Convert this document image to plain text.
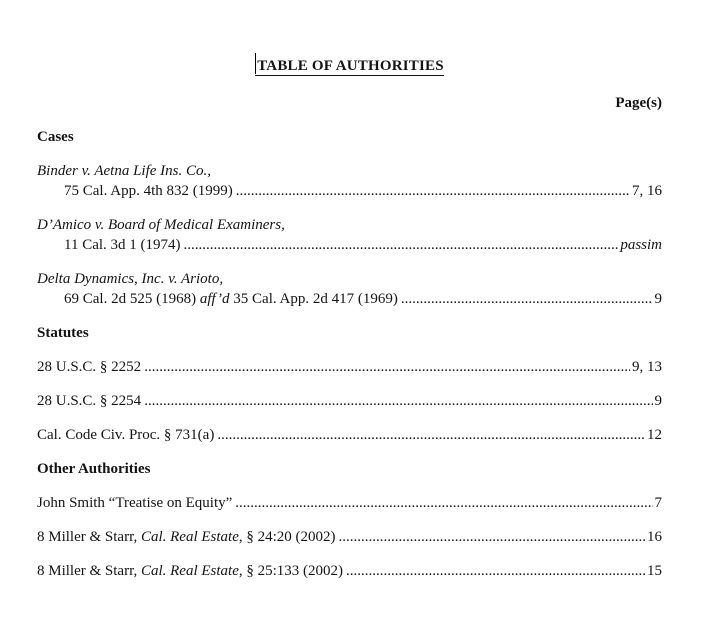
TABLE OF AUTHORITIES
Page(s)
Cases
Binder v. Aetna Life Ins. Co.,
75 Cal. App. 4th 832 (1999) .....	7, 16
D’Amico v. Board of Medical Examiners,
11 Cal. 3d 1 (1974) .....	passim
Delta Dynamics, Inc. v. Arioto,
69 Cal. 2d 525 (1968) aff’d 35 Cal. App. 2d 417 (1969) .....	9
Statutes
28 U.S.C. § 2252 .....	9, 13
28 U.S.C. § 2254 .....	9
Cal. Code Civ. Proc. § 731(a) .....	12
Other Authorities
John Smith “Treatise on Equity” .....	7
8 Miller & Starr, Cal. Real Estate, § 24:20 (2002) .....	16
8 Miller & Starr, Cal. Real Estate, § 25:133 (2002) .....	15
